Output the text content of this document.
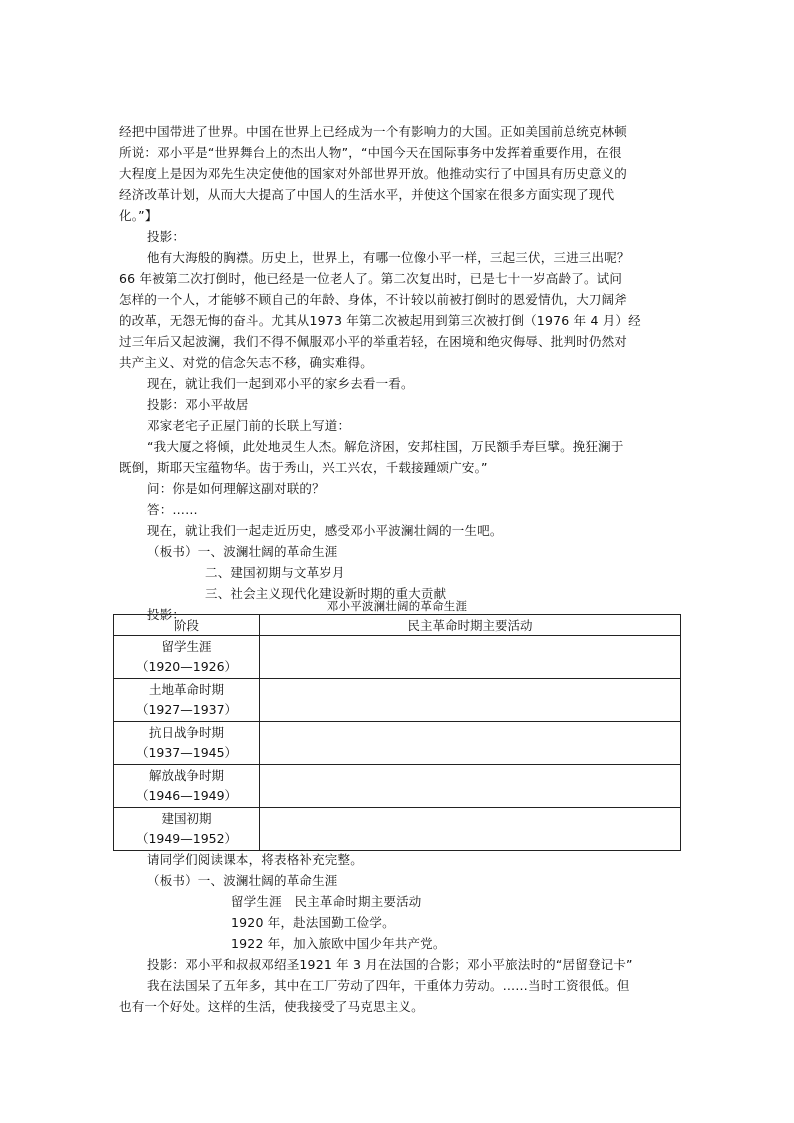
经把中国带进了世界。中国在世界上已经成为一个有影响力的大国。正如美国前总统克林顿
所说：邓小平是“世界舞台上的杰出人物”，“中国今天在国际事务中发挥着重要作用，在很
大程度上是因为邓先生决定使他的国家对外部世界开放。他推动实行了中国具有历史意义的
经济改革计划，从而大大提高了中国人的生活水平，并使这个国家在很多方面实现了现代
化。”】
投影：
他有大海般的胸襟。历史上，世界上，有哪一位像小平一样，三起三伏，三进三出呢？
66 年被第二次打倒时，他已经是一位老人了。第二次复出时，已是七十一岁高龄了。试问
怎样的一个人，才能够不顾自己的年龄、身体，不计较以前被打倒时的恩爱情仇，大刀阔斧
的改革，无怨无悔的奋斗。尤其从1973 年第二次被起用到第三次被打倒（1976 年 4 月）经
过三年后又起波澜，我们不得不佩服邓小平的举重若轻，在困境和绝灾侮辱、批判时仍然对
共产主义、对党的信念矢志不移，确实难得。
现在，就让我们一起到邓小平的家乡去看一看。
投影：邓小平故居
邓家老宅子正屋门前的长联上写道：
“我大厦之将倾，此处地灵生人杰。解危济困，安邦柱国，万民额手寿巨擘。挽狂澜于
既倒，斯耶天宝蕴物华。齿于秀山，兴工兴农，千载接踵颂广安。”
问：你是如何理解这副对联的？
答：……
现在，就让我们一起走近历史，感受邓小平波澜壮阔的一生吧。
（板书）一、波澜壮阔的革命生涯
二、建国初期与文革岁月
三、社会主义现代化建设新时期的重大贡献
投影：
邓小平波澜壮阔的革命生涯
阶段	民主革命时期主要活动

留学生涯
（1920—1926）	

土地革命时期
（1927—1937）	

抗日战争时期
（1937—1945）	

解放战争时期
（1946—1949）	

建国初期
（1949—1952）	

请同学们阅读课本，将表格补充完整。
（板书）一、波澜壮阔的革命生涯
留学生涯　民主革命时期主要活动
1920 年，赴法国勤工俭学。
1922 年，加入旅欧中国少年共产党。
投影：邓小平和叔叔邓绍圣1921 年 3 月在法国的合影；邓小平旅法时的“居留登记卡”
我在法国呆了五年多，其中在工厂劳动了四年，干重体力劳动。……当时工资很低。但
也有一个好处。这样的生活，使我接受了马克思主义。
